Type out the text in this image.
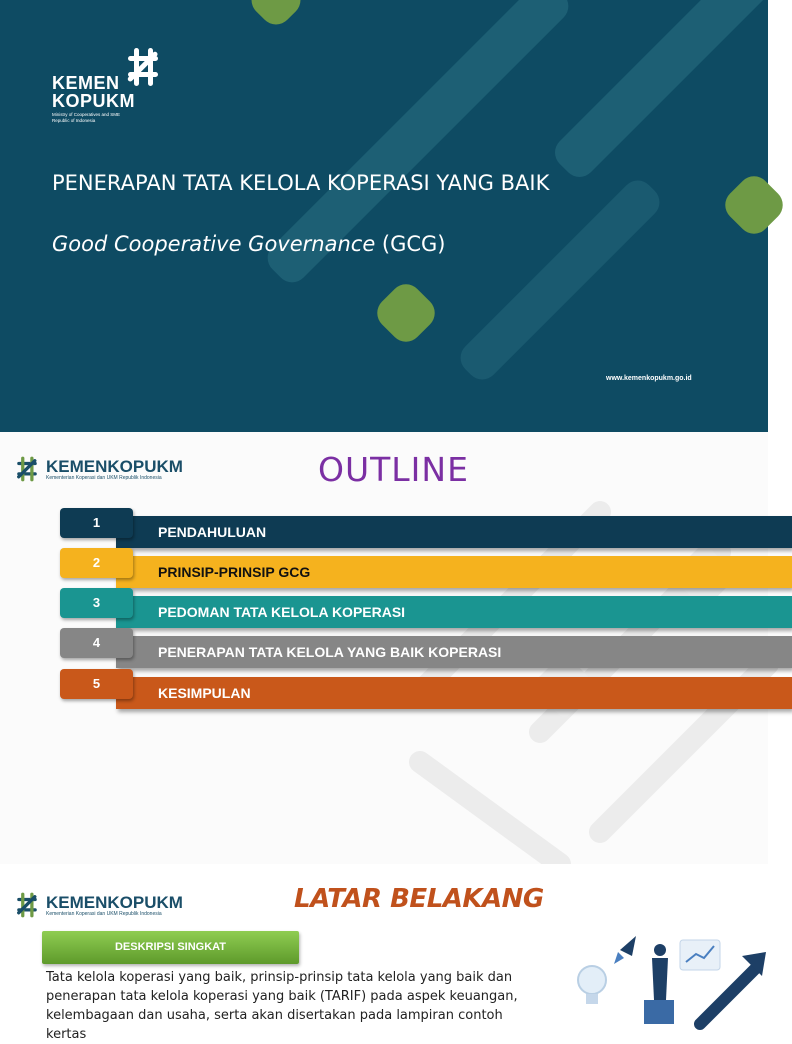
KEMEN
KOPUKM
Ministry of Cooperatives and SME
Republic of Indonesia
PENERAPAN TATA KELOLA KOPERASI YANG BAIK
Good Cooperative Governance (GCG)
www.kemenkopukm.go.id
KEMENKOPUKM
Kementerian Koperasi dan UKM Republik Indonesia	OUTLINE
PENDAHULUAN
1
PRINSIP-PRINSIP GCG
2
PEDOMAN TATA KELOLA KOPERASI
3
PENERAPAN TATA KELOLA YANG BAIK KOPERASI
4
KESIMPULAN
5
KEMENKOPUKM
Kementerian Koperasi dan UKM Republik Indonesia	LATAR BELAKANG
DESKRIPSI SINGKAT
Tata kelola koperasi yang baik, prinsip-prinsip tata kelola yang baik dan penerapan tata kelola koperasi yang baik (TARIF) pada aspek keuangan, kelembagaan dan usaha, serta akan disertakan pada lampiran contoh kertas
